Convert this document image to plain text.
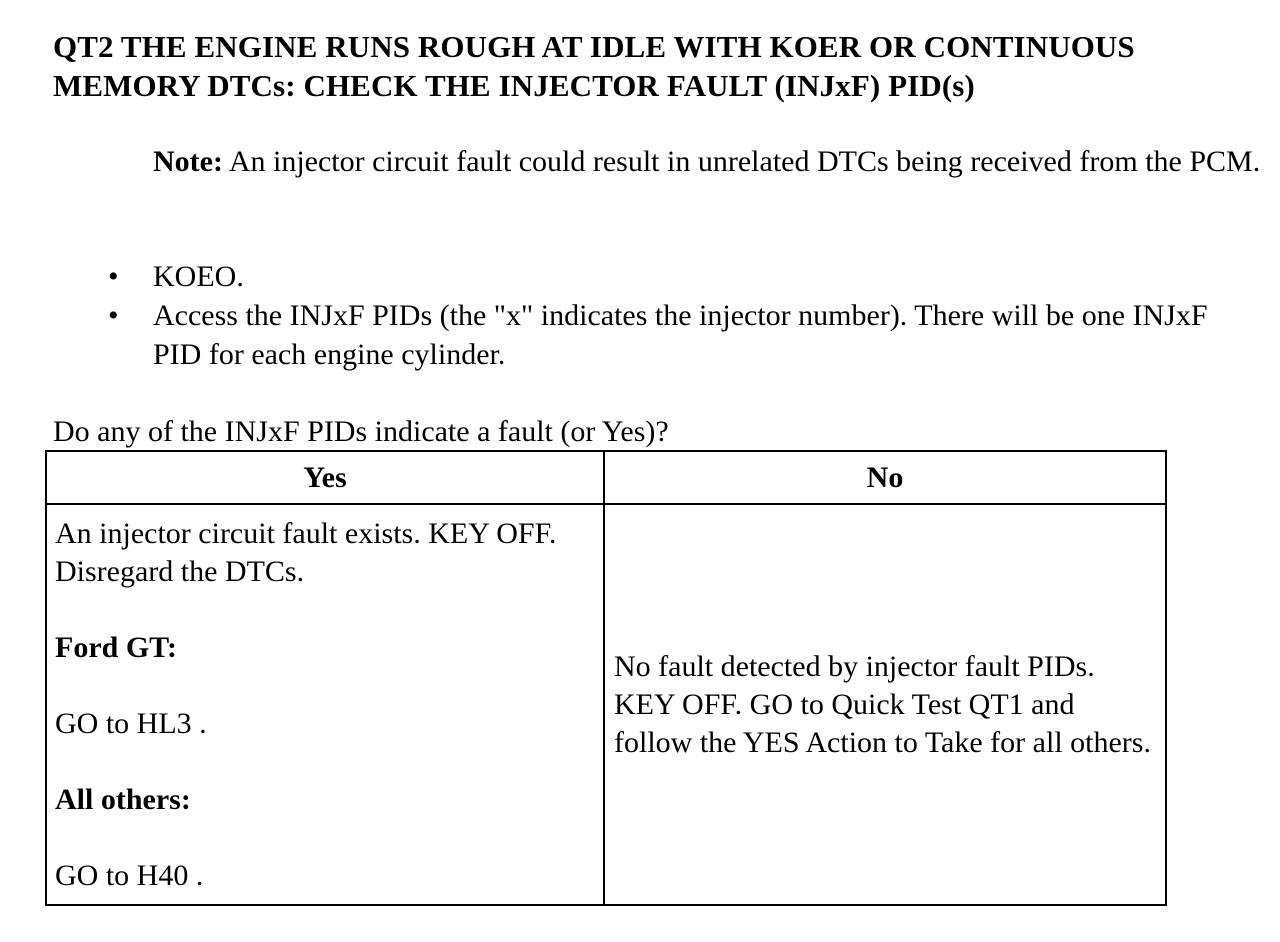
QT2 THE ENGINE RUNS ROUGH AT IDLE WITH KOER OR CONTINUOUS MEMORY DTCs: CHECK THE INJECTOR FAULT (INJxF) PID(s)

Note: An injector circuit fault could result in unrelated DTCs being received from the PCM.

•	KOEO.
•	Access the INJxF PIDs (the "x" indicates the injector number). There will be one INJxF PID for each engine cylinder.

Do any of the INJxF PIDs indicate a fault (or Yes)?

Yes	No

An injector circuit fault exists. KEY OFF. Disregard the DTCs.

Ford GT:

GO to HL3 .

All others:

GO to H40 .	No fault detected by injector fault PIDs. KEY OFF. GO to Quick Test QT1 and follow the YES Action to Take for all others.
